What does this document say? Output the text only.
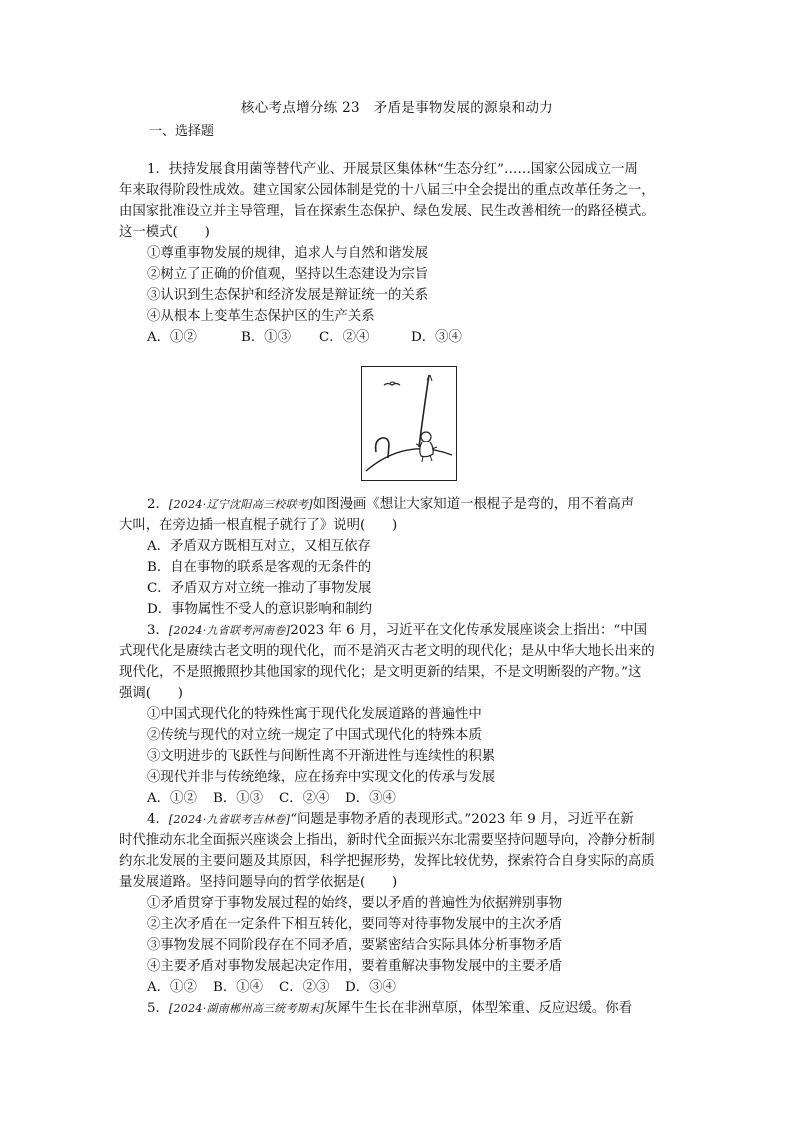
核心考点增分练 23　矛盾是事物发展的源泉和动力
一、选择题

1．扶持发展食用菌等替代产业、开展景区集体林“生态分红”……国家公园成立一周

年来取得阶段性成效。建立国家公园体制是党的十八届三中全会提出的重点改革任务之一，

由国家批准设立并主导管理，旨在探索生态保护、绿色发展、民生改善相统一的路径模式。

这一模式(　　)

①尊重事物发展的规律，追求人与自然和谐发展

②树立了正确的价值观，坚持以生态建设为宗旨

③认识到生态保护和经济发展是辩证统一的关系

④从根本上变革生态保护区的生产关系

A．①②	B．①③ C．②④	D．③④

2．[2024·辽宁沈阳高三校联考]如图漫画《想让大家知道一根棍子是弯的，用不着高声

大叫，在旁边插一根直棍子就行了》说明(　　)

A．矛盾双方既相互对立，又相互依存

B．自在事物的联系是客观的无条件的

C．矛盾双方对立统一推动了事物发展

D．事物属性不受人的意识影响和制约

3．[2024·九省联考河南卷]2023 年 6 月，习近平在文化传承发展座谈会上指出：“中国

式现代化是赓续古老文明的现代化，而不是消灭古老文明的现代化；是从中华大地长出来的

现代化，不是照搬照抄其他国家的现代化；是文明更新的结果，不是文明断裂的产物。”这

强调(　　)

①中国式现代化的特殊性寓于现代化发展道路的普遍性中

②传统与现代的对立统一规定了中国式现代化的特殊本质

③文明进步的飞跃性与间断性离不开渐进性与连续性的积累

④现代并非与传统绝缘，应在扬弃中实现文化的传承与发展

A．①② B．①③ C．②④ D．③④

4．[2024·九省联考吉林卷]“问题是事物矛盾的表现形式。”2023 年 9 月，习近平在新

时代推动东北全面振兴座谈会上指出，新时代全面振兴东北需要坚持问题导向，冷静分析制

约东北发展的主要问题及其原因，科学把握形势，发挥比较优势，探索符合自身实际的高质

量发展道路。坚持问题导向的哲学依据是(　　)

①矛盾贯穿于事物发展过程的始终，要以矛盾的普遍性为依据辨别事物

②主次矛盾在一定条件下相互转化，要同等对待事物发展中的主次矛盾

③事物发展不同阶段存在不同矛盾，要紧密结合实际具体分析事物矛盾

④主要矛盾对事物发展起决定作用，要着重解决事物发展中的主要矛盾

A．①② B．①④ C．②③ D．③④

5．[2024·湖南郴州高三统考期末]灰犀牛生长在非洲草原，体型笨重、反应迟缓。你看
